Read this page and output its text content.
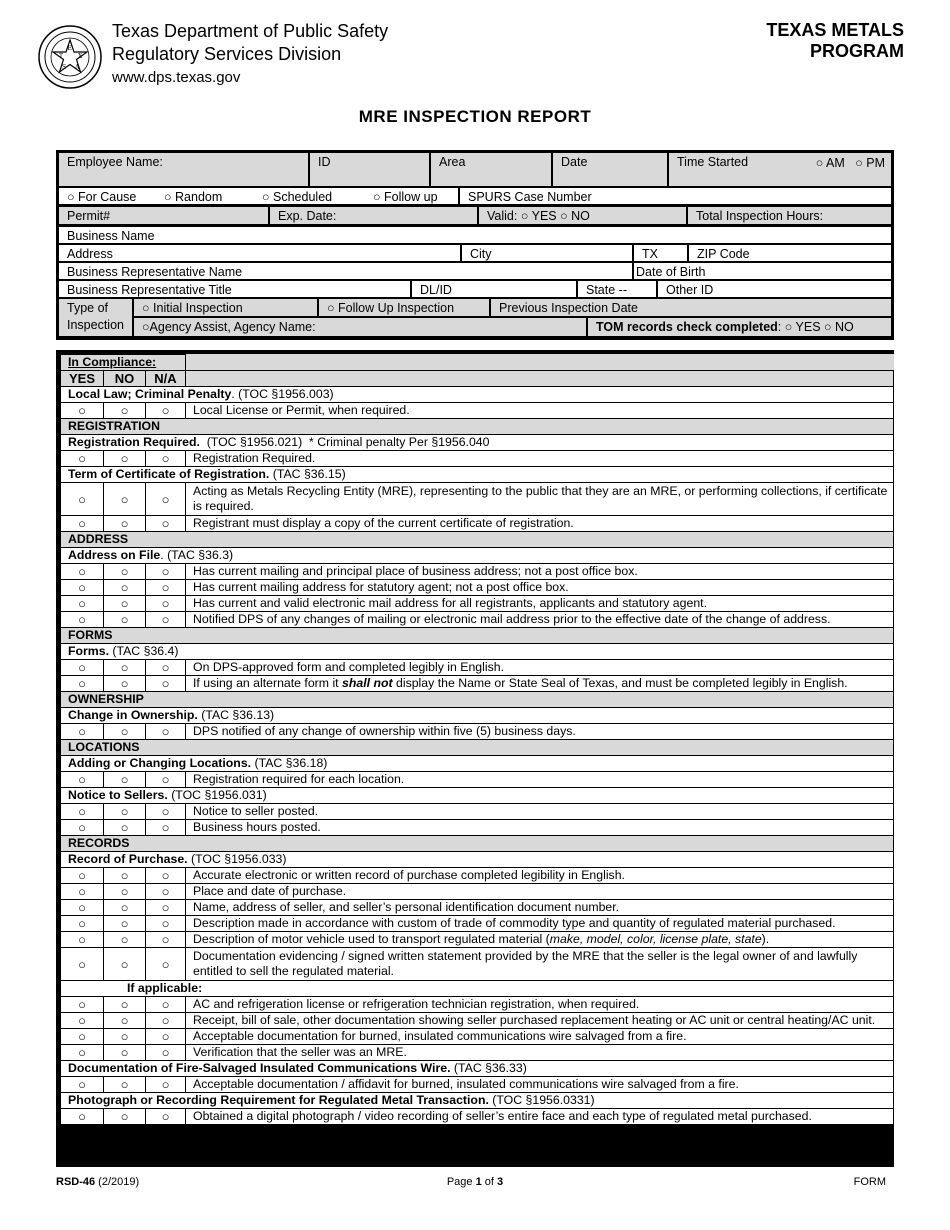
E
T X
S A
Texas Department of Public Safety
Regulatory Services Division
www.dps.texas.gov
TEXAS METALS
PROGRAM
MRE INSPECTION REPORT
Employee Name:	ID	Area	Date	Time Started	○ AM ○ PM
○ For Cause ○ Random	○ Scheduled	○ Follow up	SPURS Case Number
Permit#	Exp. Date:	Valid: ○ YES ○ NO	Total Inspection Hours:
Business Name
Address	City	TX	ZIP Code
Business Representative Name	Date of Birth
Business Representative Title	DL/ID	State --	Other ID
Type of
Inspection
○ Initial Inspection	○ Follow Up Inspection	Previous Inspection Date
○Agency Assist, Agency Name:	TOM records check completed: ○ YES ○ NO
In Compliance:			
YES	NO	N/A	
Local Law; Criminal Penalty. (TOC §1956.003)			
○	○	○	Local License or Permit, when required.
REGISTRATION			
Registration Required.  (TOC §1956.021)  * Criminal penalty Per §1956.040			
○	○	○	Registration Required.
Term of Certificate of Registration. (TAC §36.15)			
○	○	○	Acting as Metals Recycling Entity (MRE), representing to the public that they are an MRE, or performing collections, if certificate is required.
○	○	○	Registrant must display a copy of the current certificate of registration.
ADDRESS			
Address on File. (TAC §36.3)			
○	○	○	Has current mailing and principal place of business address; not a post office box.
○	○	○	Has current mailing address for statutory agent; not a post office box.
○	○	○	Has current and valid electronic mail address for all registrants, applicants and statutory agent.
○	○	○	Notified DPS of any changes of mailing or electronic mail address prior to the effective date of the change of address.
FORMS			
Forms. (TAC §36.4)			
○	○	○	On DPS-approved form and completed legibly in English.
○	○	○	If using an alternate form it shall not display the Name or State Seal of Texas, and must be completed legibly in English.
OWNERSHIP			
Change in Ownership. (TAC §36.13)			
○	○	○	DPS notified of any change of ownership within five (5) business days.
LOCATIONS			
Adding or Changing Locations. (TAC §36.18)			
○	○	○	Registration required for each location.
Notice to Sellers. (TOC §1956.031)			
○	○	○	Notice to seller posted.
○	○	○	Business hours posted.
RECORDS			
Record of Purchase. (TOC §1956.033)			
○	○	○	Accurate electronic or written record of purchase completed legibility in English.
○	○	○	Place and date of purchase.
○	○	○	Name, address of seller, and seller’s personal identification document number.
○	○	○	Description made in accordance with custom of trade of commodity type and quantity of regulated material purchased.
○	○	○	Description of motor vehicle used to transport regulated material (make, model, color, license plate, state).
○	○	○	Documentation evidencing / signed written statement provided by the MRE that the seller is the legal owner of and lawfully entitled to sell the regulated material.
If applicable:			
○	○	○	AC and refrigeration license or refrigeration technician registration, when required.
○	○	○	Receipt, bill of sale, other documentation showing seller purchased replacement heating or AC unit or central heating/AC unit.
○	○	○	Acceptable documentation for burned, insulated communications wire salvaged from a fire.
○	○	○	Verification that the seller was an MRE.
Documentation of Fire-Salvaged Insulated Communications Wire. (TAC §36.33)			
○	○	○	Acceptable documentation / affidavit for burned, insulated communications wire salvaged from a fire.
Photograph or Recording Requirement for Regulated Metal Transaction. (TOC §1956.0331)			
○	○	○	Obtained a digital photograph / video recording of seller’s entire face and each type of regulated metal purchased.
RSD-46 (2/2019)	Page 1 of 3	FORM
